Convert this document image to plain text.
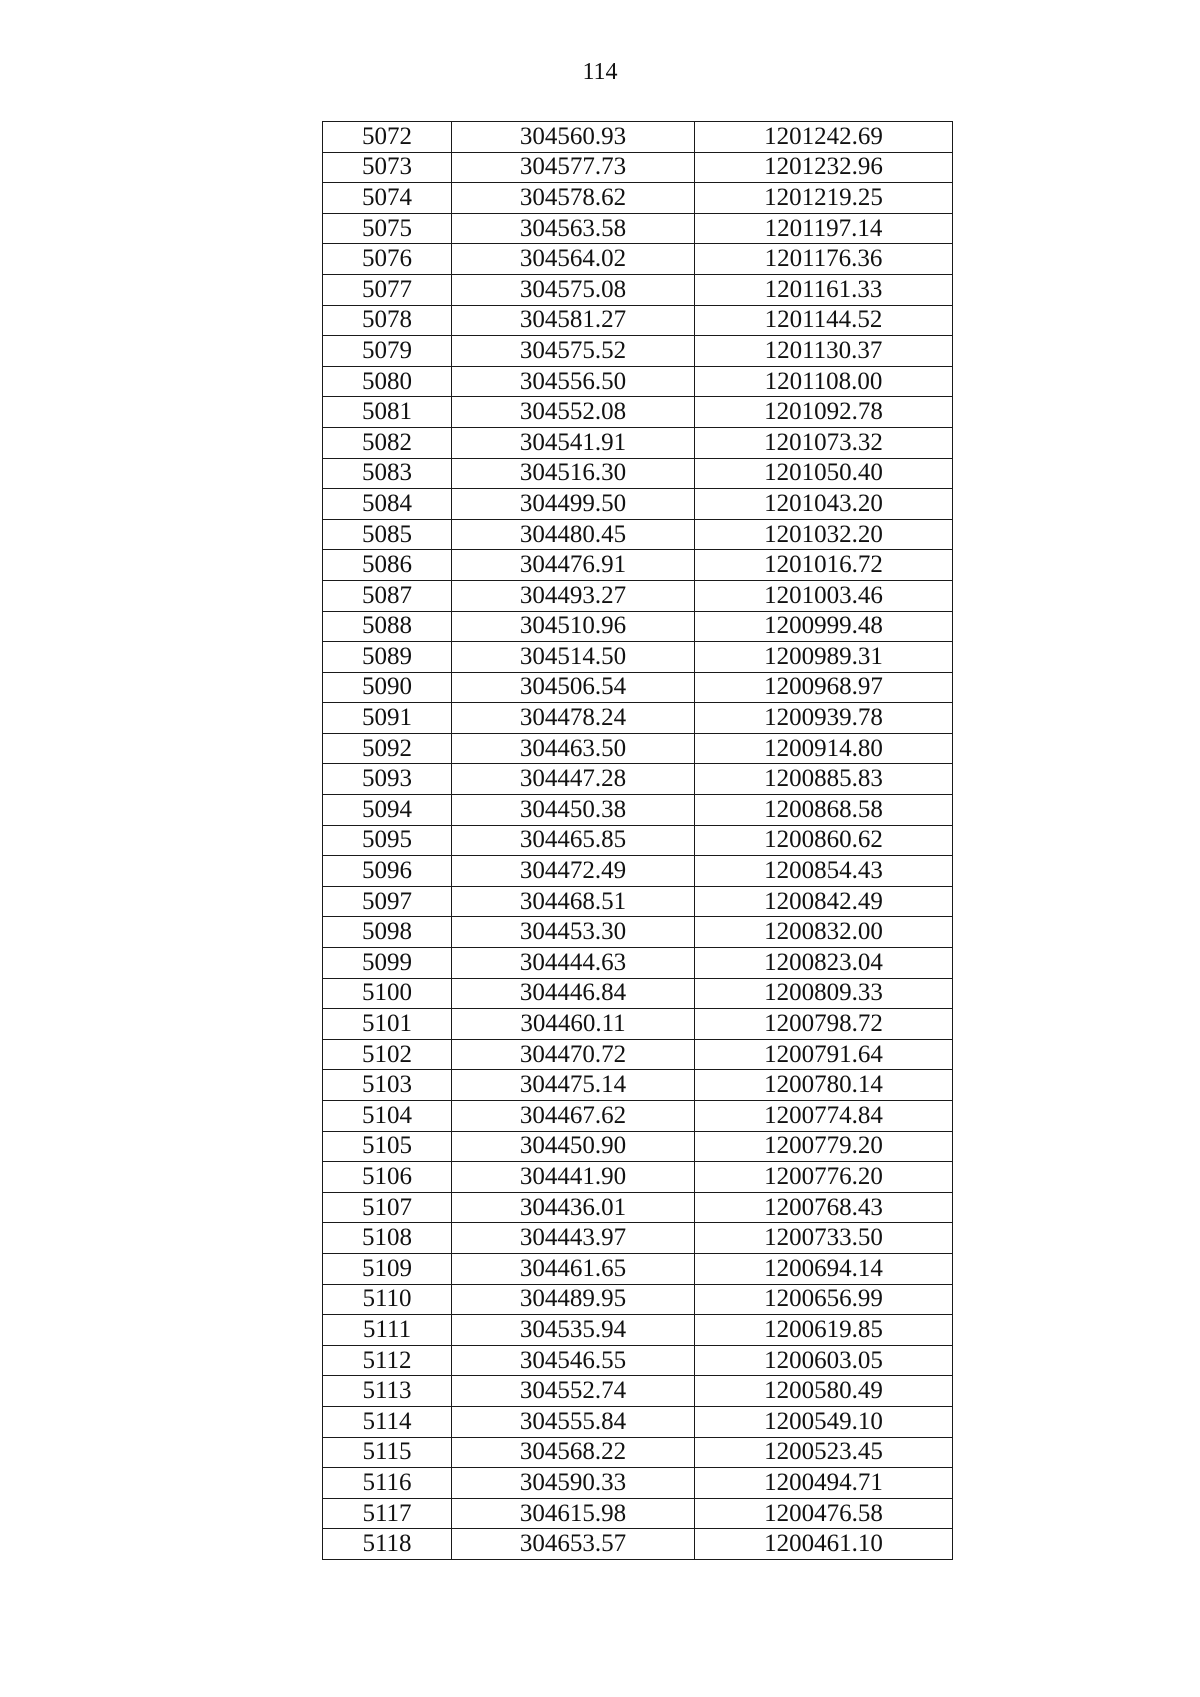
114
5072	304560.93	1201242.69
5073	304577.73	1201232.96
5074	304578.62	1201219.25
5075	304563.58	1201197.14
5076	304564.02	1201176.36
5077	304575.08	1201161.33
5078	304581.27	1201144.52
5079	304575.52	1201130.37
5080	304556.50	1201108.00
5081	304552.08	1201092.78
5082	304541.91	1201073.32
5083	304516.30	1201050.40
5084	304499.50	1201043.20
5085	304480.45	1201032.20
5086	304476.91	1201016.72
5087	304493.27	1201003.46
5088	304510.96	1200999.48
5089	304514.50	1200989.31
5090	304506.54	1200968.97
5091	304478.24	1200939.78
5092	304463.50	1200914.80
5093	304447.28	1200885.83
5094	304450.38	1200868.58
5095	304465.85	1200860.62
5096	304472.49	1200854.43
5097	304468.51	1200842.49
5098	304453.30	1200832.00
5099	304444.63	1200823.04
5100	304446.84	1200809.33
5101	304460.11	1200798.72
5102	304470.72	1200791.64
5103	304475.14	1200780.14
5104	304467.62	1200774.84
5105	304450.90	1200779.20
5106	304441.90	1200776.20
5107	304436.01	1200768.43
5108	304443.97	1200733.50
5109	304461.65	1200694.14
5110	304489.95	1200656.99
5111	304535.94	1200619.85
5112	304546.55	1200603.05
5113	304552.74	1200580.49
5114	304555.84	1200549.10
5115	304568.22	1200523.45
5116	304590.33	1200494.71
5117	304615.98	1200476.58
5118	304653.57	1200461.10
